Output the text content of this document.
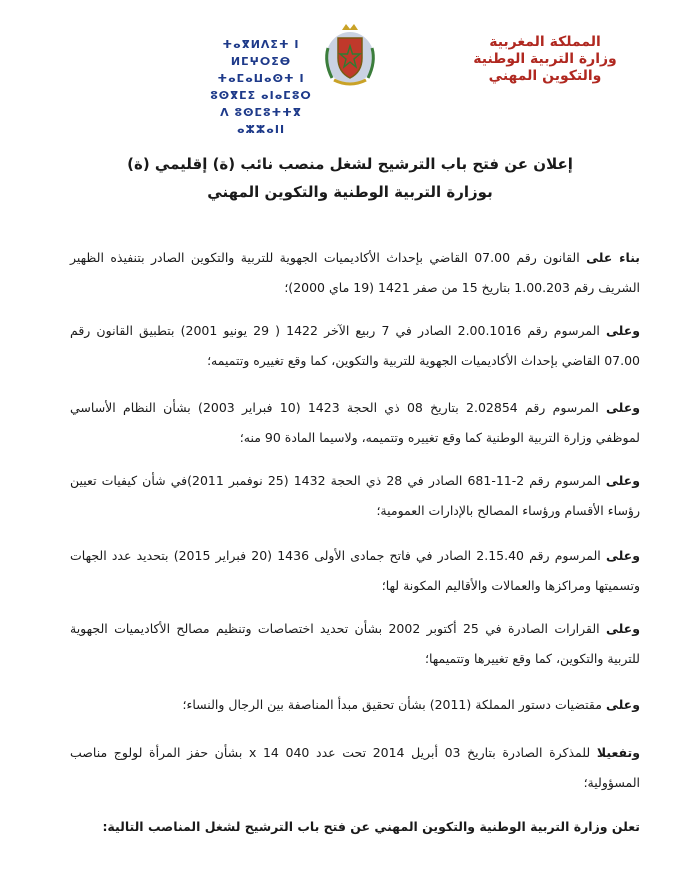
المملكة المغربية
وزارة التربية الوطنية
والتكوين المهني
ⵜⴰⴳⵍⴷⵉⵜ ⵏ ⵍⵎⵖⵔⵉⴱ
ⵜⴰⵎⴰⵡⴰⵙⵜ ⵏ ⵓⵙⴳⵎⵉ ⴰⵏⴰⵎⵓⵔ
ⴷ ⵓⵙⵎⵓⵜⵜⴳ ⴰⵣⵣⴰⵏⵏ
إعلان عن فتح باب الترشيح لشغل منصب نائب (ة) إقليمي (ة)
بوزارة التربية الوطنية والتكوين المهني
بناء على القانون رقم 07.00 القاضي بإحداث الأكاديميات الجهوية للتربية والتكوين الصادر بتنفيذه الظهير الشريف رقم 1.00.203 بتاريخ 15 من صفر 1421 (19 ماي 2000)؛
وعلى المرسوم رقم 2.00.1016 الصادر في 7 ربيع الآخر 1422 ( 29 يونيو 2001) بتطبيق القانون رقم 07.00 القاضي بإحداث الأكاديميات الجهوية للتربية والتكوين، كما وقع تغييره وتتميمه؛
وعلى المرسوم رقم 2.02854 بتاريخ 08 ذي الحجة 1423 (10 فبراير 2003) بشأن النظام الأساسي لموظفي وزارة التربية الوطنية كما وقع تغييره وتتميمه، ولاسيما المادة 90 منه؛
وعلى المرسوم رقم 2-11-681 الصادر في 28 ذي الحجة 1432 (25 نوفمبر 2011)في شأن كيفيات تعيين رؤساء الأقسام ورؤساء المصالح بالإدارات العمومية؛
وعلى المرسوم رقم 2.15.40 الصادر في فاتح جمادى الأولى 1436 (20 فبراير 2015) بتحديد عدد الجهات وتسميتها ومراكزها والعمالات والأقاليم المكونة لها؛
وعلى القرارات الصادرة في 25 أكتوبر 2002 بشأن تحديد اختصاصات وتنظيم مصالح الأكاديميات الجهوية للتربية والتكوين، كما وقع تغييرها وتتميمها؛
وعلى مقتضيات دستور المملكة (2011) بشأن تحقيق مبدأ المناصفة بين الرجال والنساء؛
وتفعيلا للمذكرة الصادرة بتاريخ 03 أبريل 2014 تحت عدد 040 x 14 بشأن حفز المرأة لولوج مناصب المسؤولية؛
تعلن وزارة التربية الوطنية والتكوين المهني عن فتح باب الترشيح لشغل المناصب التالية:
